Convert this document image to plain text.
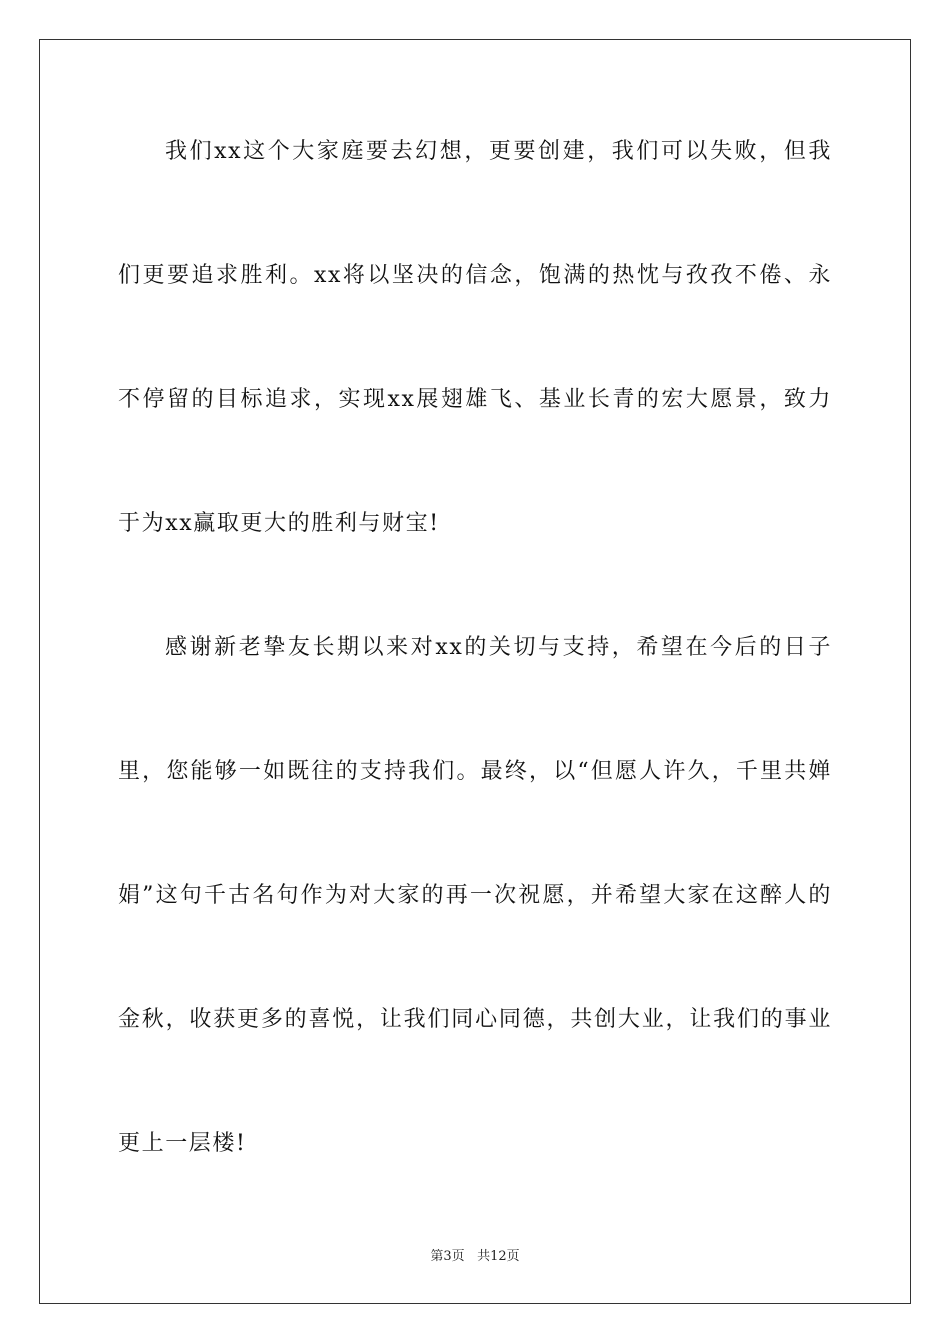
我们xx这个大家庭要去幻想，更要创建，我们可以失败，但我
们更要追求胜利。xx将以坚决的信念，饱满的热忱与孜孜不倦、永
不停留的目标追求，实现xx展翅雄飞、基业长青的宏大愿景，致力
于为xx赢取更大的胜利与财宝!
感谢新老挚友长期以来对xx的关切与支持，希望在今后的日子
里，您能够一如既往的支持我们。最终，以“但愿人许久，千里共婵
娟”这句千古名句作为对大家的再一次祝愿，并希望大家在这醉人的
金秋，收获更多的喜悦，让我们同心同德，共创大业，让我们的事业
更上一层楼!
第3页 共12页
